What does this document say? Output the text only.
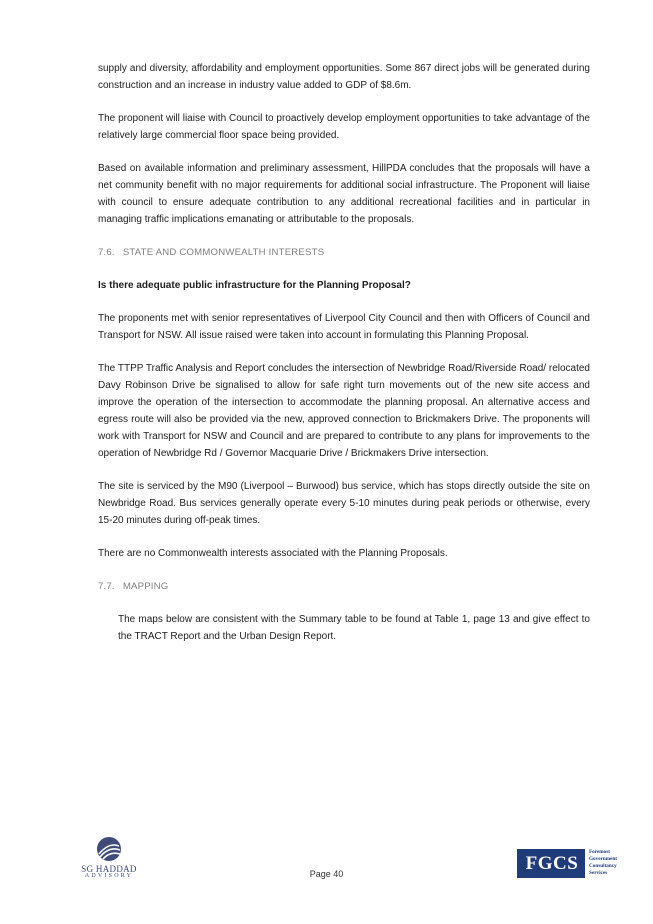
supply and diversity, affordability and employment opportunities. Some 867 direct jobs will be generated during construction and an increase in industry value added to GDP of $8.6m.

The proponent will liaise with Council to proactively develop employment opportunities to take advantage of the relatively large commercial floor space being provided.

Based on available information and preliminary assessment, HillPDA concludes that the proposals will have a net community benefit with no major requirements for additional social infrastructure. The Proponent will liaise with council to ensure adequate contribution to any additional recreational facilities and in particular in managing traffic implications emanating or attributable to the proposals.

7.6. STATE AND COMMONWEALTH INTERESTS

Is there adequate public infrastructure for the Planning Proposal?

The proponents met with senior representatives of Liverpool City Council and then with Officers of Council and Transport for NSW. All issue raised were taken into account in formulating this Planning Proposal.

The TTPP Traffic Analysis and Report concludes the intersection of Newbridge Road/Riverside Road/ relocated Davy Robinson Drive be signalised to allow for safe right turn movements out of the new site access and improve the operation of the intersection to accommodate the planning proposal. An alternative access and egress route will also be provided via the new, approved connection to Brickmakers Drive. The proponents will work with Transport for NSW and Council and are prepared to contribute to any plans for improvements to the operation of Newbridge Rd / Governor Macquarie Drive / Brickmakers Drive intersection.

The site is serviced by the M90 (Liverpool – Burwood) bus service, which has stops directly outside the site on Newbridge Road. Bus services generally operate every 5-10 minutes during peak periods or otherwise, every 15-20 minutes during off-peak times.

There are no Commonwealth interests associated with the Planning Proposals.

7.7. MAPPING

The maps below are consistent with the Summary table to be found at Table 1, page 13 and give effect to the TRACT Report and the Urban Design Report.

SG HADDAD
ADVISORY	Page 40	FGCS
Foremost
Government
Consultancy
Services
